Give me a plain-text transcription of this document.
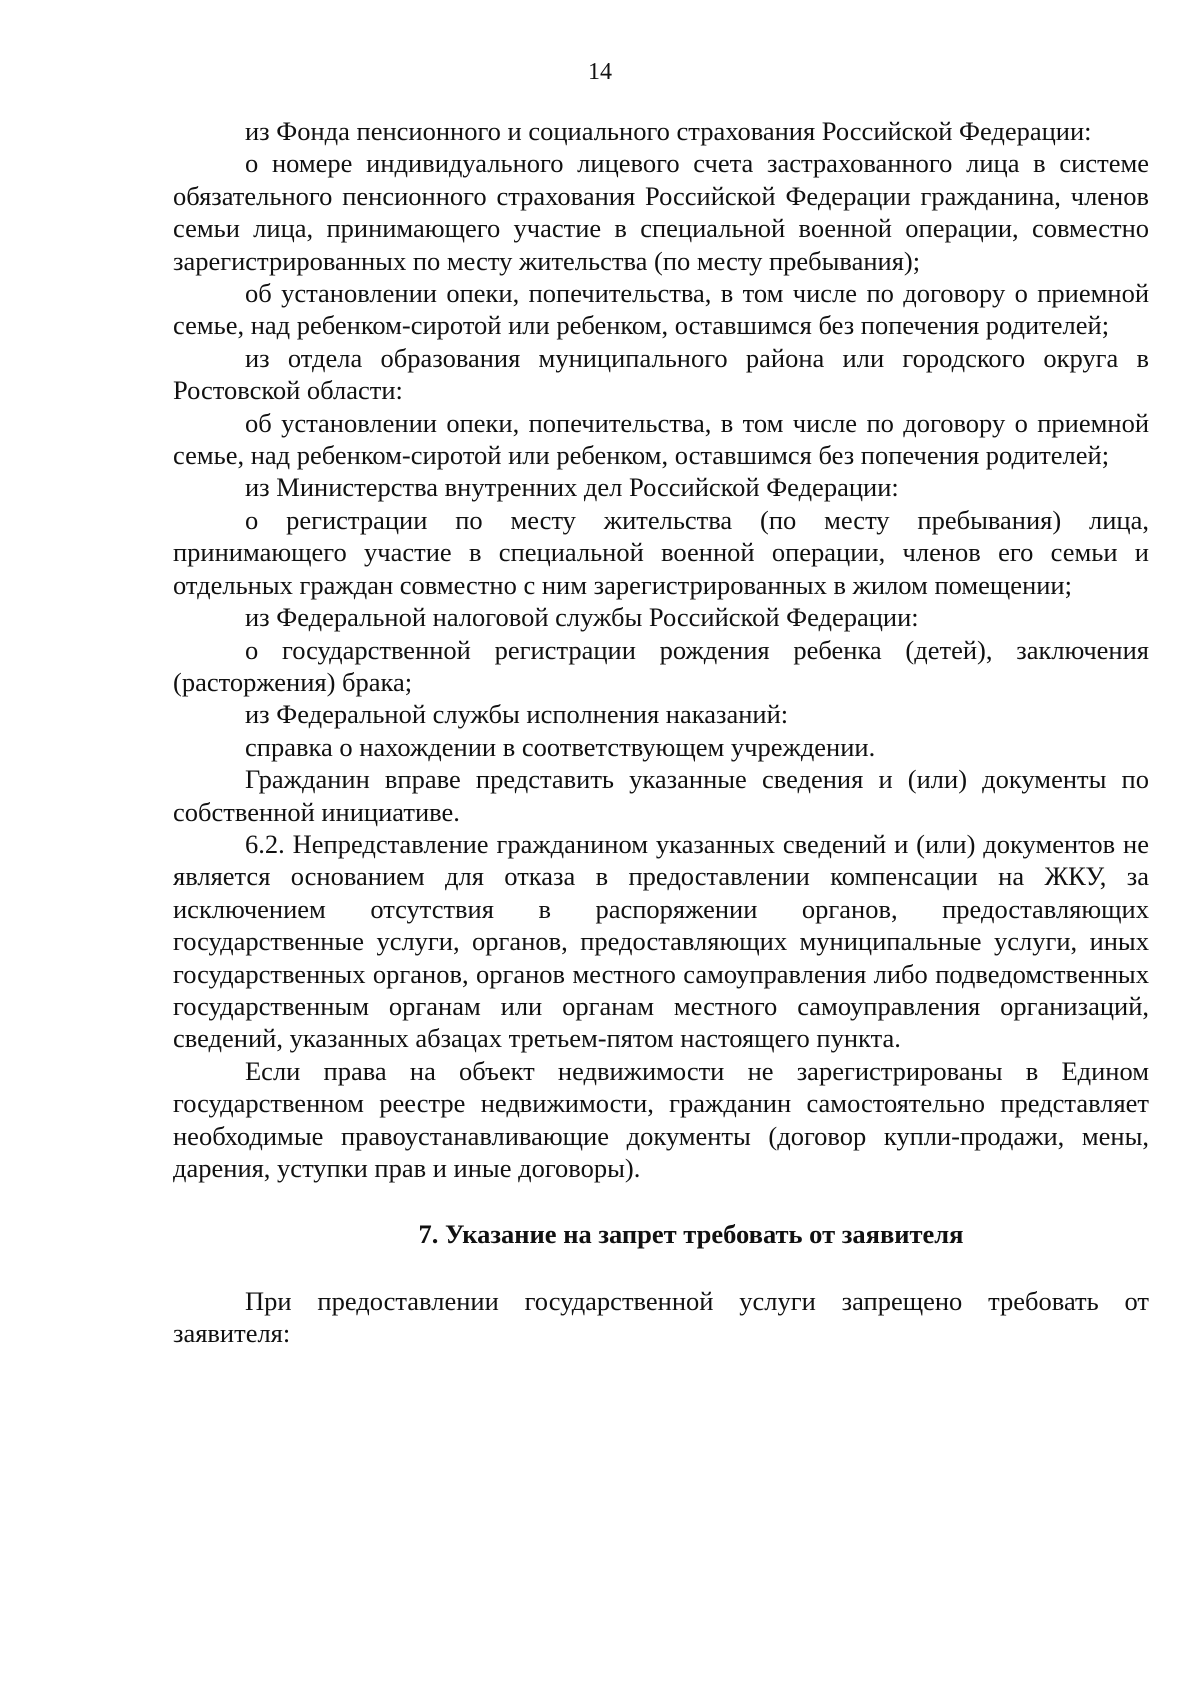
14

из Фонда пенсионного и социального страхования Российской Федерации:

о номере индивидуального лицевого счета застрахованного лица в системе обязательного пенсионного страхования Российской Федерации гражданина, членов семьи лица, принимающего участие в специальной военной операции, совместно зарегистрированных по месту жительства (по месту пребывания);

об установлении опеки, попечительства, в том числе по договору о приемной семье, над ребенком-сиротой или ребенком, оставшимся без попечения родителей;

из отдела образования муниципального района или городского округа в Ростовской области:

об установлении опеки, попечительства, в том числе по договору о приемной семье, над ребенком-сиротой или ребенком, оставшимся без попечения родителей;

из Министерства внутренних дел Российской Федерации:

о регистрации по месту жительства (по месту пребывания) лица, принимающего участие в специальной военной операции, членов его семьи и отдельных граждан совместно с ним зарегистрированных в жилом помещении;

из Федеральной налоговой службы Российской Федерации:

о государственной регистрации рождения ребенка (детей), заключения (расторжения) брака;

из Федеральной службы исполнения наказаний:

справка о нахождении в соответствующем учреждении.

Гражданин вправе представить указанные сведения и (или) документы по собственной инициативе.

6.2. Непредставление гражданином указанных сведений и (или) документов не является основанием для отказа в предоставлении компенсации на ЖКУ, за исключением отсутствия в распоряжении органов, предоставляющих государственные услуги, органов, предоставляющих муниципальные услуги, иных государственных органов, органов местного самоуправления либо подведомственных государственным органам или органам местного самоуправления организаций, сведений, указанных абзацах третьем-пятом настоящего пункта.

Если права на объект недвижимости не зарегистрированы в Едином государственном реестре недвижимости, гражданин самостоятельно представляет необходимые правоустанавливающие документы (договор купли-продажи, мены, дарения, уступки прав и иные договоры).

7. Указание на запрет требовать от заявителя

При предоставлении государственной услуги запрещено требовать от заявителя:
